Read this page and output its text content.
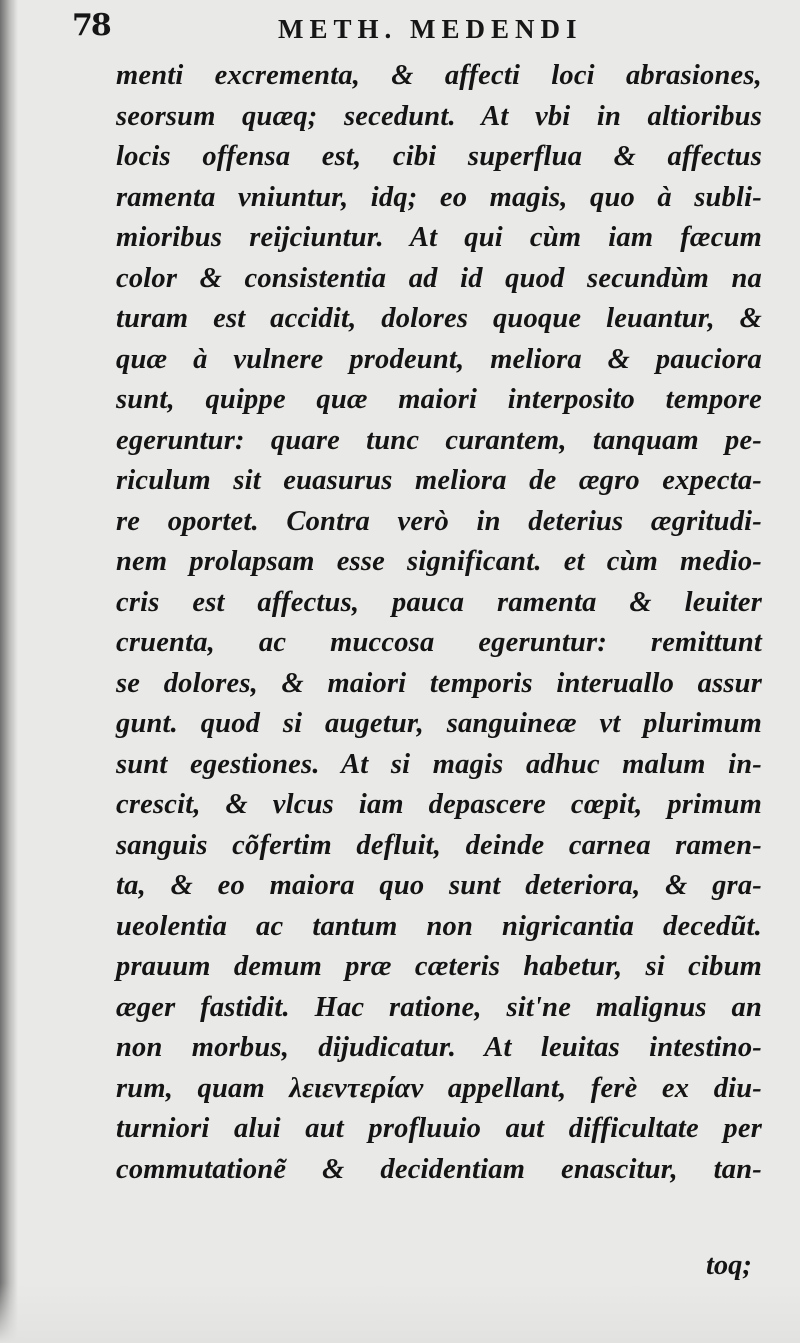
78	METH. MEDENDI
menti excrementa, & affecti loci abrasiones,
seorsum quæq; secedunt. At vbi in altioribus
locis offensa est, cibi superflua & affectus
ramenta vniuntur, idq; eo magis, quo à subli-
mioribus reijciuntur. At qui cùm iam fæcum
color & consistentia ad id quod secundùm na
turam est accidit, dolores quoque leuantur, &
quæ à vulnere prodeunt, meliora & pauciora
sunt, quippe quæ maiori interposito tempore
egeruntur: quare tunc curantem, tanquam pe-
riculum sit euasurus meliora de ægro expecta-
re oportet. Contra verò in deterius ægritudi-
nem prolapsam esse significant. et cùm medio-
cris est affectus, pauca ramenta & leuiter
cruenta, ac muccosa egeruntur: remittunt
se dolores, & maiori temporis interuallo assur
gunt. quod si augetur, sanguineæ vt plurimum
sunt egestiones. At si magis adhuc malum in-
crescit, & vlcus iam depascere cœpit, primum
sanguis cõfertim defluit, deinde carnea ramen-
ta, & eo maiora quo sunt deteriora, & gra-
ueolentia ac tantum non nigricantia decedũt.
prauum demum præ cæteris habetur, si cibum
æger fastidit. Hac ratione, sit'ne malignus an
non morbus, dijudicatur. At leuitas intestino-
rum, quam λειεντερίαν appellant, ferè ex diu-
turniori alui aut profluuio aut difficultate per
commutationẽ & decidentiam enascitur, tan-
toq;
